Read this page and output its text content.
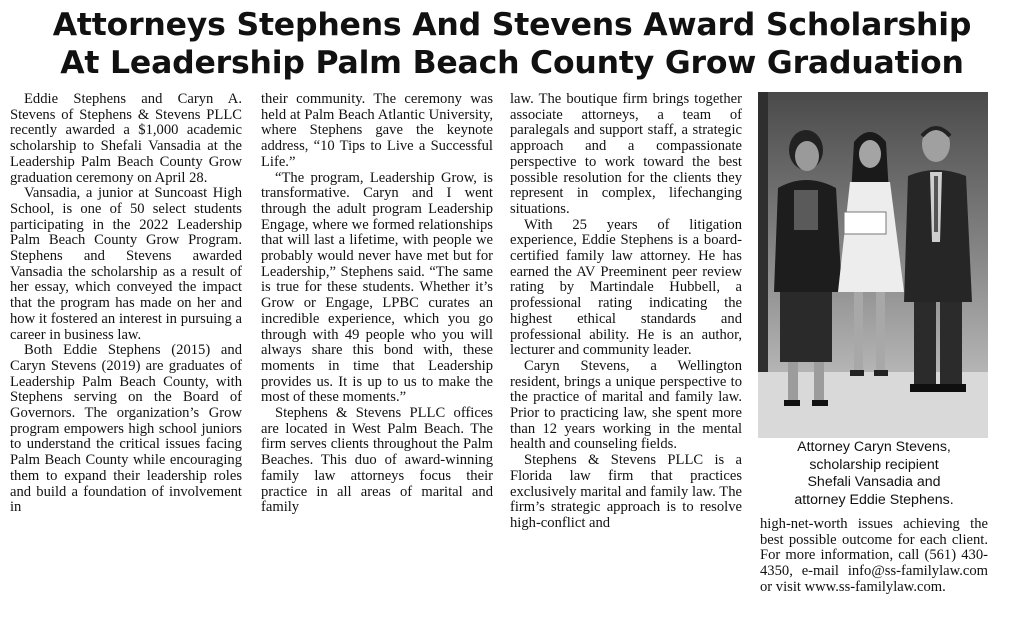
Attorneys Stephens And Stevens Award Scholarship
At Leadership Palm Beach County Grow Graduation

Eddie Stephens and Caryn A. Stevens of Stephens & Stevens PLLC recently awarded a $1,000 academic scholarship to Shefali Vansadia at the Leadership Palm Beach County Grow graduation ceremony on April 28.

Vansadia, a junior at Suncoast High School, is one of 50 select students participating in the 2022 Leadership Palm Beach County Grow Program. Stephens and Stevens awarded Vansadia the scholarship as a result of her essay, which conveyed the impact that the program has made on her and how it fostered an interest in pursuing a career in business law.

Both Eddie Stephens (2015) and Caryn Stevens (2019) are graduates of Leadership Palm Beach County, with Stephens serving on the Board of Governors. The organization’s Grow program empowers high school juniors to understand the critical issues facing Palm Beach County while encouraging them to expand their leadership roles and build a foundation of involvement in

their community. The ceremony was held at Palm Beach Atlantic University, where Stephens gave the keynote address, “10 Tips to Live a Successful Life.”

“The program, Leadership Grow, is transformative. Caryn and I went through the adult program Leadership Engage, where we formed relationships that will last a lifetime, with people we probably would never have met but for Leadership,” Stephens said. “The same is true for these students. Whether it’s Grow or Engage, LPBC curates an incredible experience, which you go through with 49 people who you will always share this bond with, these moments in time that Leadership provides us. It is up to us to make the most of these moments.”

Stephens & Stevens PLLC offices are located in West Palm Beach. The firm serves clients throughout the Palm Beaches. This duo of award-winning family law attorneys focus their practice in all areas of marital and family

law. The boutique firm brings together associate attorneys, a team of paralegals and support staff, a strategic approach and a compassionate perspective to work toward the best possible resolution for the clients they represent in complex, lifechanging situations.

With 25 years of litigation experience, Eddie Stephens is a board-certified family law attorney. He has earned the AV Preeminent peer review rating by Martindale Hubbell, a professional rating indicating the highest ethical standards and professional ability. He is an author, lecturer and community leader.

Caryn Stevens, a Wellington resident, brings a unique perspective to the practice of marital and family law. Prior to practicing law, she spent more than 12 years working in the mental health and counseling fields.

Stephens & Stevens PLLC is a Florida law firm that practices exclusively marital and family law. The firm’s strategic approach is to resolve high-conflict and

Attorney Caryn Stevens,
scholarship recipient
Shefali Vansadia and
attorney Eddie Stephens.

high-net-worth issues achieving the best possible outcome for each client. For more information, call (561) 430-4350, e-mail info@ss-familylaw.com or visit www.ss-familylaw.com.
